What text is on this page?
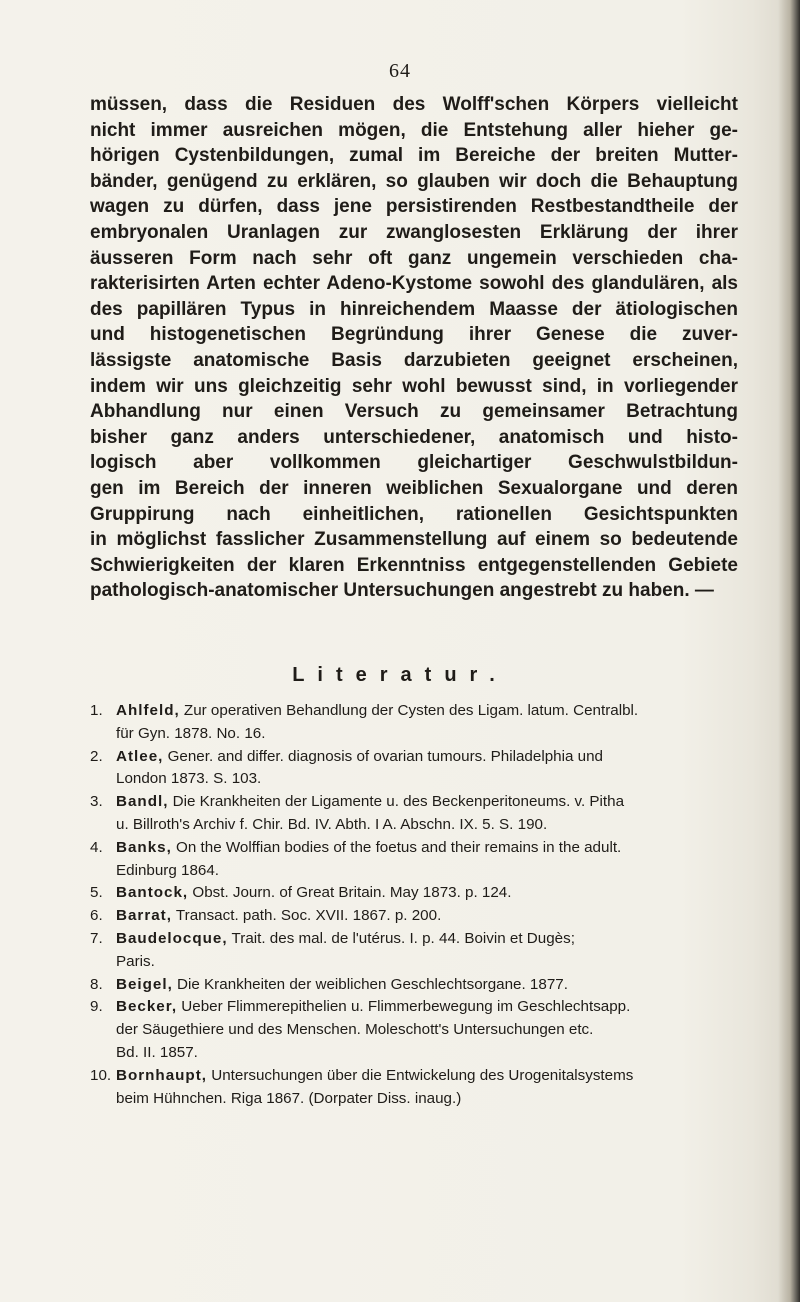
64
müssen, dass die Residuen des Wolff'schen Körpers vielleicht
nicht immer ausreichen mögen, die Entstehung aller hieher ge-
hörigen Cystenbildungen, zumal im Bereiche der breiten Mutter-
bänder, genügend zu erklären, so glauben wir doch die Behauptung
wagen zu dürfen, dass jene persistirenden Restbestandtheile der
embryonalen Uranlagen zur zwanglosesten Erklärung der ihrer
äusseren Form nach sehr oft ganz ungemein verschieden cha-
rakterisirten Arten echter Adeno-Kystome sowohl des glandulären, als
des papillären Typus in hinreichendem Maasse der ätiologischen
und histogenetischen Begründung ihrer Genese die zuver-
lässigste anatomische Basis darzubieten geeignet erscheinen,
indem wir uns gleichzeitig sehr wohl bewusst sind, in vorliegender
Abhandlung nur einen Versuch zu gemeinsamer Betrachtung
bisher ganz anders unterschiedener, anatomisch und histo-
logisch aber vollkommen gleichartiger Geschwulstbildun-
gen im Bereich der inneren weiblichen Sexualorgane und deren
Gruppirung nach einheitlichen, rationellen Gesichtspunkten
in möglichst fasslicher Zusammenstellung auf einem so bedeutende
Schwierigkeiten der klaren Erkenntniss entgegenstellenden Gebiete
pathologisch-anatomischer Untersuchungen angestrebt zu haben. —
Literatur.
1. Ahlfeld, Zur operativen Behandlung der Cysten des Ligam. latum. Centralbl.
für Gyn. 1878. No. 16.
2. Atlee, Gener. and differ. diagnosis of ovarian tumours. Philadelphia und
London 1873. S. 103.
3. Bandl, Die Krankheiten der Ligamente u. des Beckenperitoneums. v. Pitha
u. Billroth's Archiv f. Chir. Bd. IV. Abth. I A. Abschn. IX. 5. S. 190.
4. Banks, On the Wolffian bodies of the foetus and their remains in the adult.
Edinburg 1864.
5. Bantock, Obst. Journ. of Great Britain. May 1873. p. 124.
6. Barrat, Transact. path. Soc. XVII. 1867. p. 200.
7. Baudelocque, Trait. des mal. de l'utérus. I. p. 44. Boivin et Dugès;
Paris.
8. Beigel, Die Krankheiten der weiblichen Geschlechtsorgane. 1877.
9. Becker, Ueber Flimmerepithelien u. Flimmerbewegung im Geschlechtsapp.
der Säugethiere und des Menschen. Moleschott's Untersuchungen etc.
Bd. II. 1857.
10. Bornhaupt, Untersuchungen über die Entwickelung des Urogenitalsystems
beim Hühnchen. Riga 1867. (Dorpater Diss. inaug.)
